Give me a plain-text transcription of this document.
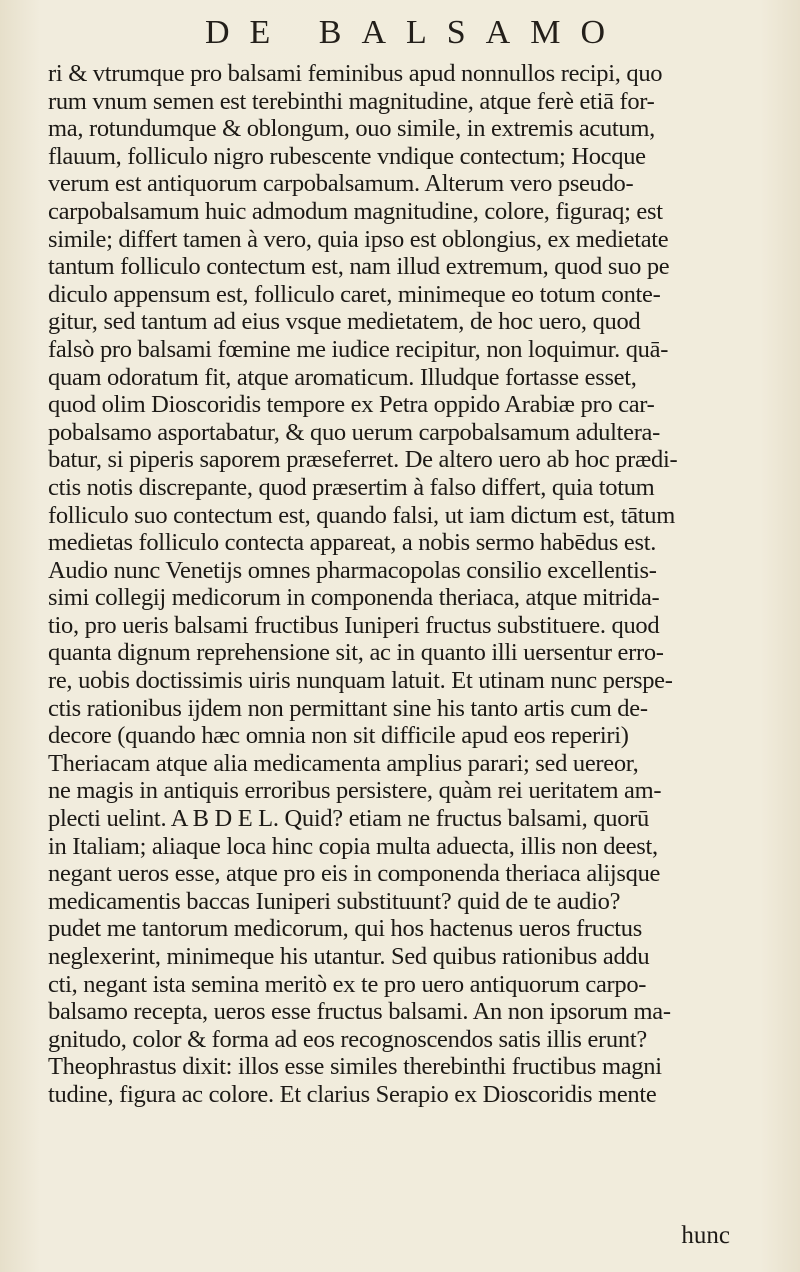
DE BALSAMO
ri & vtrumque pro balsami feminibus apud nonnullos recipi, quo
rum vnum semen est terebinthi magnitudine, atque ferè etiā for-
ma, rotundumque & oblongum, ouo simile, in extremis acutum,
flauum, folliculo nigro rubescente vndique contectum; Hocque
verum est antiquorum carpobalsamum. Alterum vero pseudo-
carpobalsamum huic admodum magnitudine, colore, figuraq; est
simile; differt tamen à vero, quia ipso est oblongius, ex medietate
tantum folliculo contectum est, nam illud extremum, quod suo pe
diculo appensum est, folliculo caret, minimeque eo totum conte-
gitur, sed tantum ad eius vsque medietatem, de hoc uero, quod
falsò pro balsami fœmine me iudice recipitur, non loquimur. quā-
quam odoratum fit, atque aromaticum. Illudque fortasse esset,
quod olim Dioscoridis tempore ex Petra oppido Arabiæ pro car-
pobalsamo asportabatur, & quo uerum carpobalsamum adultera-
batur, si piperis saporem præseferret. De altero uero ab hoc prædi-
ctis notis discrepante, quod præsertim à falso differt, quia totum
folliculo suo contectum est, quando falsi, ut iam dictum est, tātum
medietas folliculo contecta appareat, a nobis sermo habēdus est.
Audio nunc Venetijs omnes pharmacopolas consilio excellentis-
simi collegij medicorum in componenda theriaca, atque mitrida-
tio, pro ueris balsami fructibus Iuniperi fructus substituere. quod
quanta dignum reprehensione sit, ac in quanto illi uersentur erro-
re, uobis doctissimis uiris nunquam latuit. Et utinam nunc perspe-
ctis rationibus ijdem non permittant sine his tanto artis cum de-
decore (quando hæc omnia non sit difficile apud eos reperiri)
Theriacam atque alia medicamenta amplius parari; sed uereor,
ne magis in antiquis erroribus persistere, quàm rei ueritatem am-
plecti uelint. A B D E L. Quid? etiam ne fructus balsami, quorū
in Italiam; aliaque loca hinc copia multa aduecta, illis non deest,
negant ueros esse, atque pro eis in componenda theriaca alijsque
medicamentis baccas Iuniperi substituunt? quid de te audio?
pudet me tantorum medicorum, qui hos hactenus ueros fructus
neglexerint, minimeque his utantur. Sed quibus rationibus addu
cti, negant ista semina meritò ex te pro uero antiquorum carpo-
balsamo recepta, ueros esse fructus balsami. An non ipsorum ma-
gnitudo, color & forma ad eos recognoscendos satis illis erunt?
Theophrastus dixit: illos esse similes therebinthi fructibus magni
tudine, figura ac colore. Et clarius Serapio ex Dioscoridis mente
hunc
